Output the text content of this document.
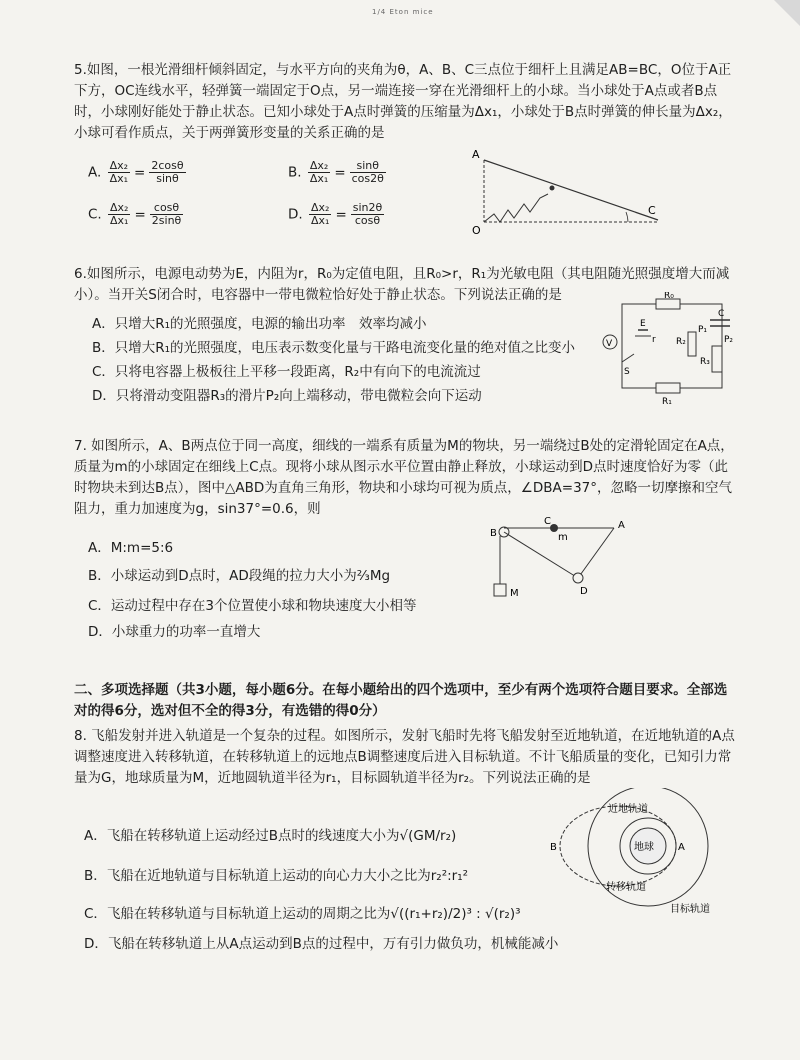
1/4 Eton mice

5.如图，一根光滑细杆倾斜固定，与水平方向的夹角为θ，A、B、C三点位于细杆上且满足AB=BC，O位于A正下方，OC连线水平，轻弹簧一端固定于O点，另一端连接一穿在光滑细杆上的小球。当小球处于A点或者B点时，小球刚好能处于静止状态。已知小球处于A点时弹簧的压缩量为Δx₁，小球处于B点时弹簧的伸长量为Δx₂，小球可看作质点，关于两弹簧形变量的关系正确的是

A. $\frac{\text{Δx₂}}{\text{Δx₁}} = \frac{2\cos\theta}{\sin\theta}$	B. $\frac{\text{Δx₂}}{\text{Δx₁}} = \frac{\sin\theta}{\cos 2\theta}$
C. $\frac{\text{Δx₂}}{\text{Δx₁}} = \frac{\cos\theta}{2\sin\theta}$	D. $\frac{\text{Δx₂}}{\text{Δx₁}} = \frac{\sin 2\theta}{\cos\theta}$
A
O
C

6.如图所示，电源电动势为E，内阻为r，R₀为定值电阻，且R₀>r，R₁为光敏电阻（其电阻随光照强度增大而减小）。当开关S闭合时，电容器中一带电微粒恰好处于静止状态。下列说法正确的是

A．只增大R₁的光照强度，电源的输出功率　效率均减小
B．只增大R₁的光照强度，电压表示数变化量与干路电流变化量的绝对值之比变小
C．只将电容器上极板往上平移一段距离，R₂中有向下的电流流过
D．只将滑动变阻器R₃的滑片P₂向上端移动，带电微粒会向下运动
V
R₀
R₁
R₂
R₃
E
r
S
C
P₁
P₂

7. 如图所示，A、B两点位于同一高度，细线的一端系有质量为M的物块，另一端绕过B处的定滑轮固定在A点，质量为m的小球固定在细线上C点。现将小球从图示水平位置由静止释放，小球运动到D点时速度恰好为零（此时物块未到达B点），图中△ABD为直角三角形，物块和小球均可视为质点，∠DBA=37°，忽略一切摩擦和空气阻力，重力加速度为g，sin37°=0.6，则

A．M:m=5:6
B．小球运动到D点时，AD段绳的拉力大小为⅔Mg
C．运动过程中存在3个位置使小球和物块速度大小相等
D．小球重力的功率一直增大
B
A
C
m
D
M

二、多项选择题（共3小题，每小题6分。在每小题给出的四个选项中，至少有两个选项符合题目要求。全部选对的得6分，选对但不全的得3分，有选错的得0分）

8. 飞船发射并进入轨道是一个复杂的过程。如图所示，发射飞船时先将飞船发射至近地轨道，在近地轨道的A点调整速度进入转移轨道，在转移轨道上的远地点B调整速度后进入目标轨道。不计飞船质量的变化，已知引力常量为G，地球质量为M，近地圆轨道半径为r₁，目标圆轨道半径为r₂。下列说法正确的是

A．飞船在转移轨道上运动经过B点时的线速度大小为√(GM/r₂)
B．飞船在近地轨道与目标轨道上运动的向心力大小之比为r₂²:r₁²
C．飞船在转移轨道与目标轨道上运动的周期之比为√((r₁+r₂)/2)³ : √(r₂)³
D．飞船在转移轨道上从A点运动到B点的过程中，万有引力做负功，机械能减小
地球
近地轨道
转移轨道
目标轨道
A
B
